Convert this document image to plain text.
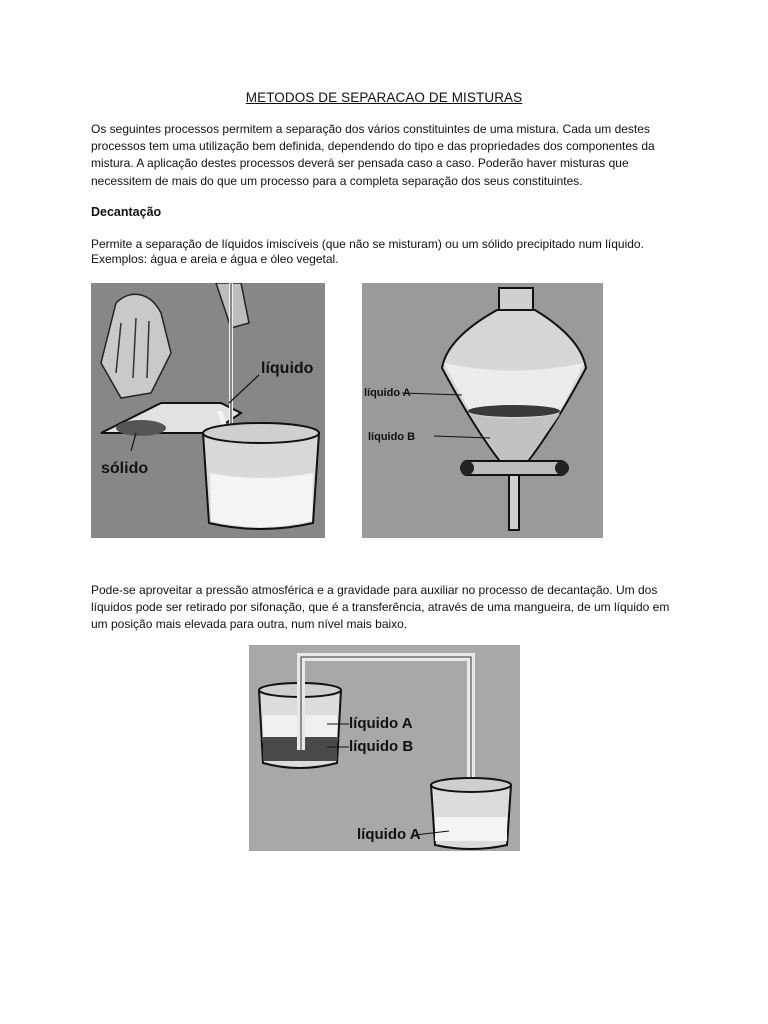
METODOS DE SEPARACAO DE MISTURAS

Os seguintes processos permitem a separação dos vários constituintes de uma mistura. Cada um destes processos tem uma utilização bem definida, dependendo do tipo e das propriedades dos componentes da mistura. A aplicação destes processos deverá ser pensada caso a caso. Poderão haver misturas que necessitem de mais do que um processo para a completa separação dos seus constituintes.

Decantação

Permite a separação de líquidos imiscíveis (que não se misturam) ou um sólido precipitado num líquido. Exemplos: água e areia e água e óleo vegetal.

líquido
sólido
líquido A
líquido B

Pode-se aproveitar a pressão atmosférica e a gravidade para auxiliar no processo de decantação. Um dos líquidos pode ser retirado por sifonação, que é a transferência, através de uma mangueira, de um líquido em um posição mais elevada para outra, num nível mais baixo.

líquido A
líquido B
líquido A
